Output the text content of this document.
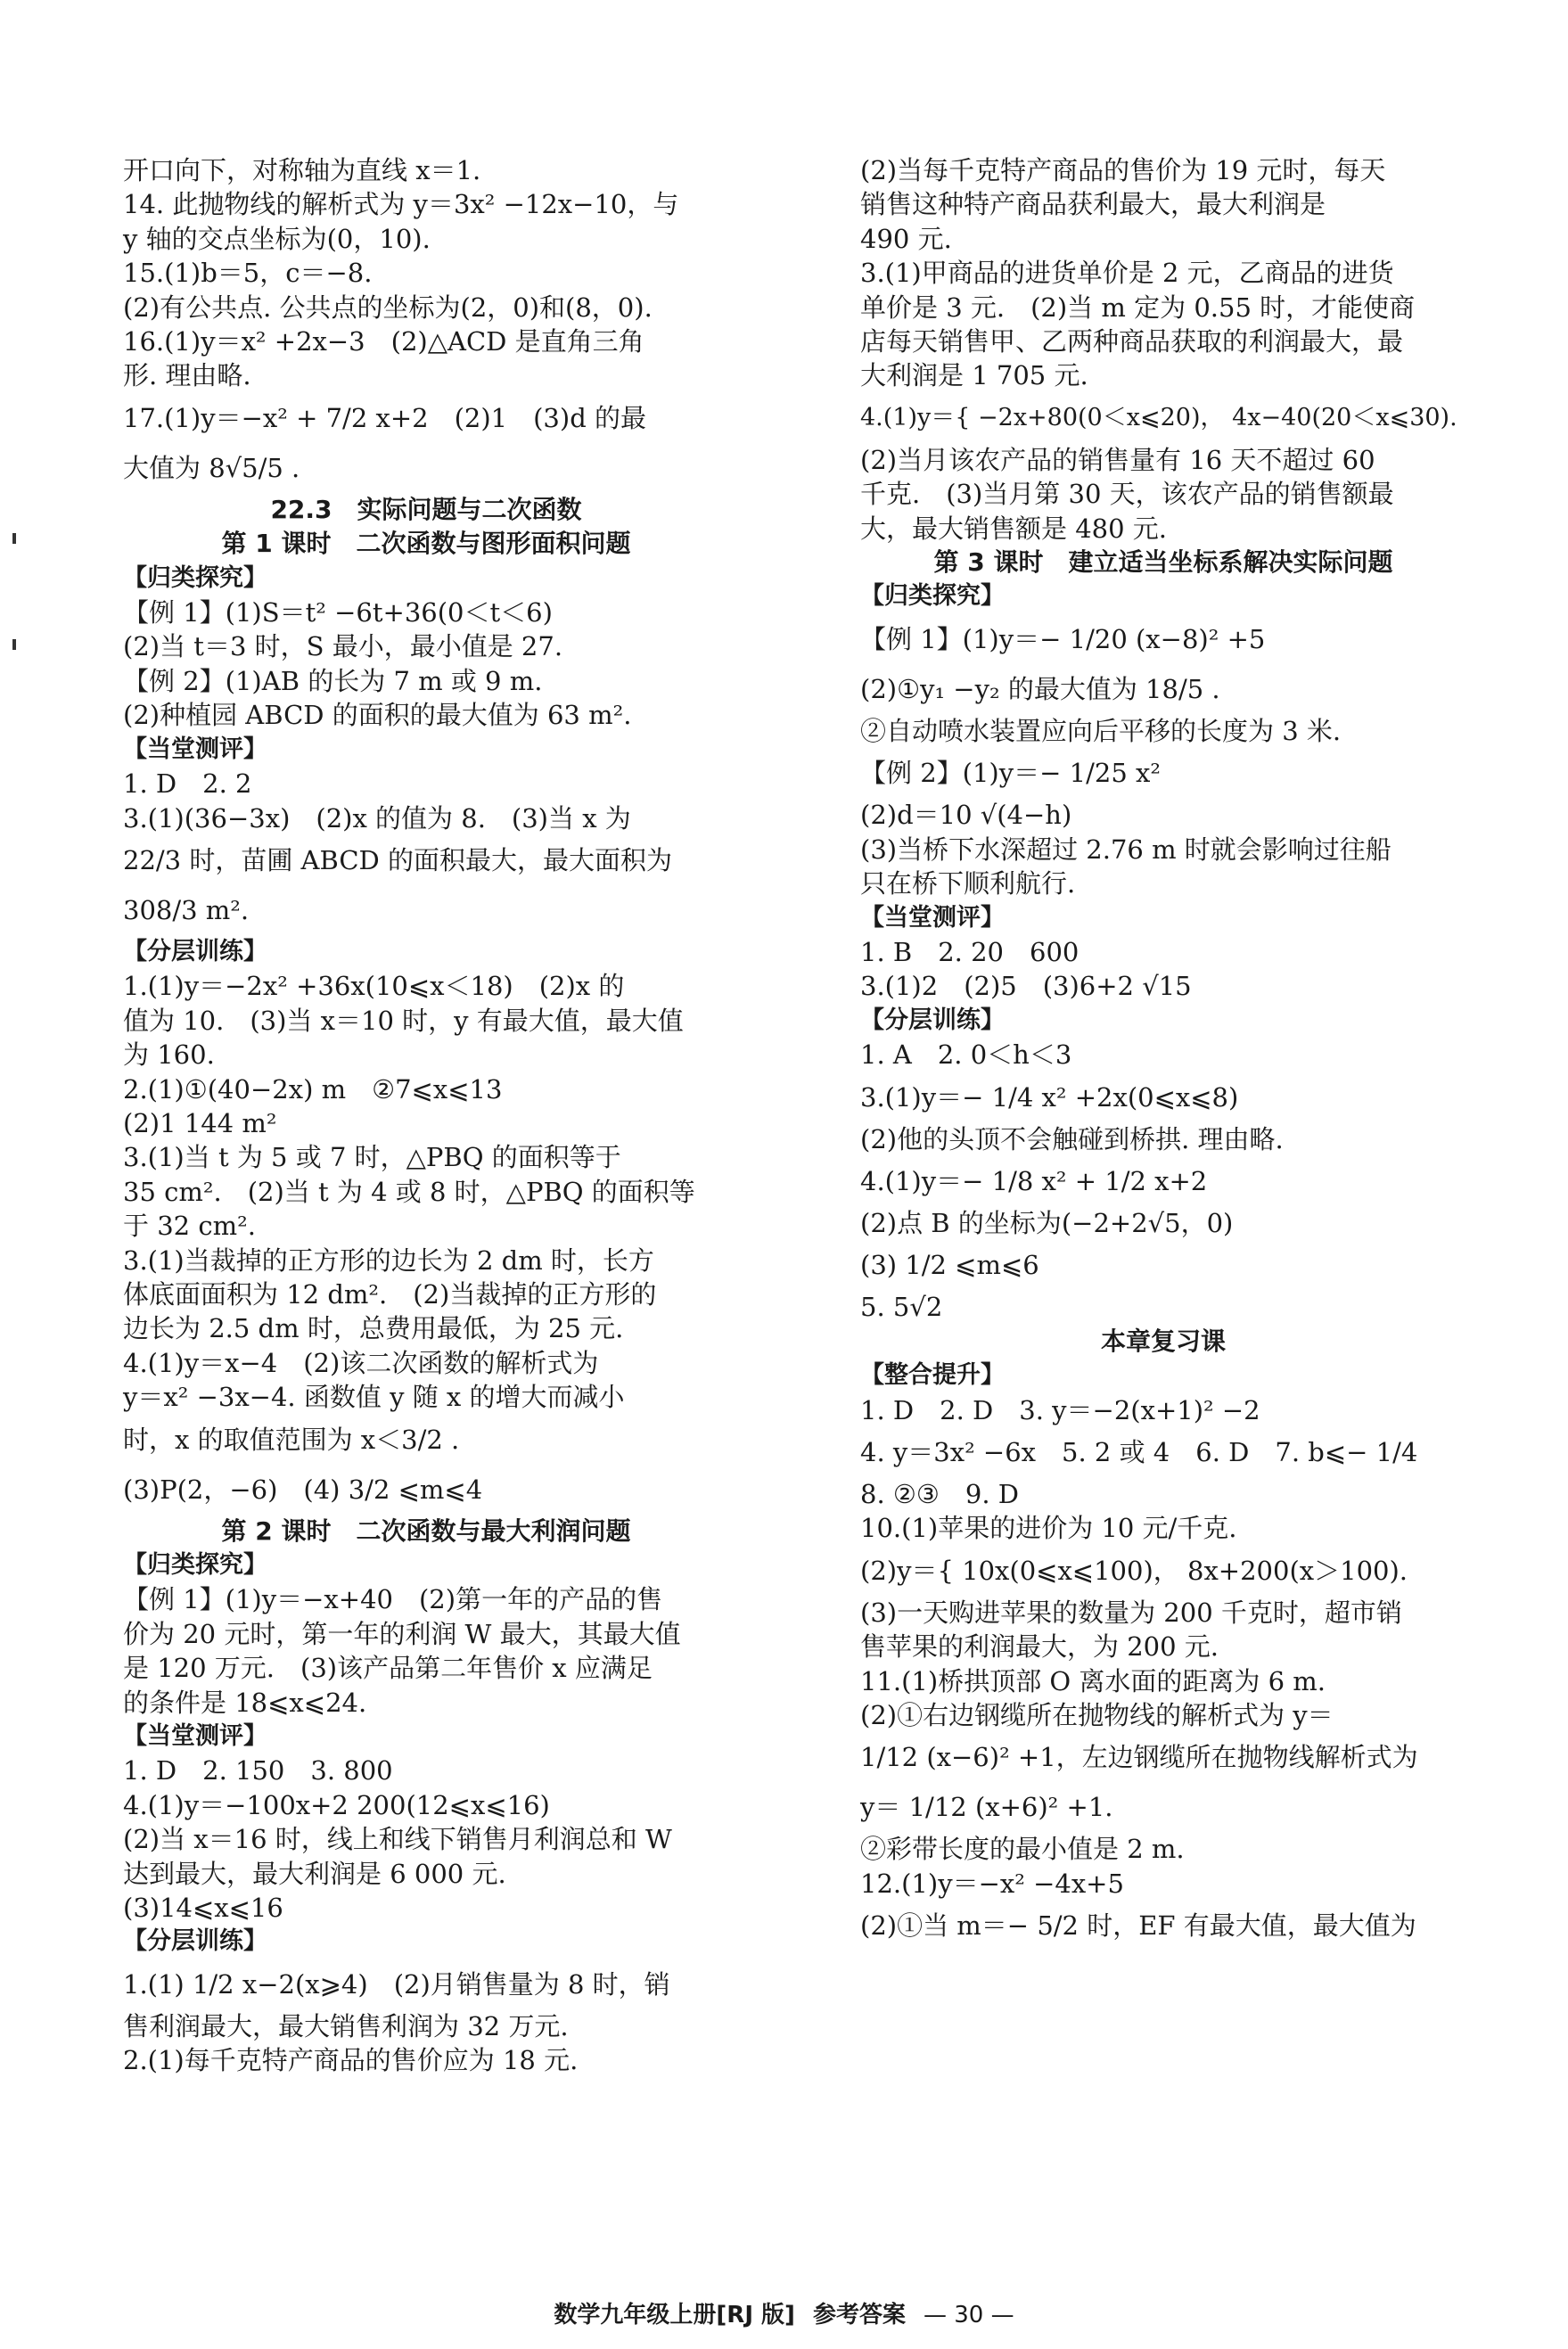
开口向下，对称轴为直线 x＝1.
14. 此抛物线的解析式为 y＝3x² −12x−10，与
y 轴的交点坐标为(0，10).
15.(1)b＝5，c＝−8.
(2)有公共点. 公共点的坐标为(2，0)和(8，0).
16.(1)y＝x² +2x−3　(2)△ACD 是直角三角
形. 理由略.
17.(1)y＝−x² + 7/2 x+2　(2)1　(3)d 的最
大值为 8√5/5 .
22.3　实际问题与二次函数
第 1 课时　二次函数与图形面积问题
【归类探究】
【例 1】(1)S＝t² −6t+36(0＜t＜6)
(2)当 t＝3 时，S 最小，最小值是 27.
【例 2】(1)AB 的长为 7 m 或 9 m.
(2)种植园 ABCD 的面积的最大值为 63 m².
【当堂测评】
1. D　2. 2
3.(1)(36−3x)　(2)x 的值为 8.　(3)当 x 为
22/3 时，苗圃 ABCD 的面积最大，最大面积为
308/3 m².
【分层训练】
1.(1)y＝−2x² +36x(10⩽x＜18)　(2)x 的
值为 10.　(3)当 x＝10 时，y 有最大值，最大值
为 160.
2.(1)①(40−2x) m　②7⩽x⩽13
(2)1 144 m²
3.(1)当 t 为 5 或 7 时，△PBQ 的面积等于
35 cm².　(2)当 t 为 4 或 8 时，△PBQ 的面积等
于 32 cm².
3.(1)当裁掉的正方形的边长为 2 dm 时，长方
体底面面积为 12 dm².　(2)当裁掉的正方形的
边长为 2.5 dm 时，总费用最低，为 25 元.
4.(1)y＝x−4　(2)该二次函数的解析式为
y＝x² −3x−4. 函数值 y 随 x 的增大而减小
时，x 的取值范围为 x＜3/2 .
(3)P(2，−6)　(4) 3/2 ⩽m⩽4
第 2 课时　二次函数与最大利润问题
【归类探究】
【例 1】(1)y＝−x+40　(2)第一年的产品的售
价为 20 元时，第一年的利润 W 最大，其最大值
是 120 万元.　(3)该产品第二年售价 x 应满足
的条件是 18⩽x⩽24.
【当堂测评】
1. D　2. 150　3. 800
4.(1)y＝−100x+2 200(12⩽x⩽16)
(2)当 x＝16 时，线上和线下销售月利润总和 W
达到最大，最大利润是 6 000 元.
(3)14⩽x⩽16
【分层训练】
1.(1) 1/2 x−2(x⩾4)　(2)月销售量为 8 时，销
售利润最大，最大销售利润为 32 万元.
2.(1)每千克特产商品的售价应为 18 元.
(2)当每千克特产商品的售价为 19 元时，每天
销售这种特产商品获利最大，最大利润是
490 元.
3.(1)甲商品的进货单价是 2 元，乙商品的进货
单价是 3 元.　(2)当 m 定为 0.55 时，才能使商
店每天销售甲、乙两种商品获取的利润最大，最
大利润是 1 705 元.
4.(1)y＝{ −2x+80(0＜x⩽20)， 4x−40(20＜x⩽30).
(2)当月该农产品的销售量有 16 天不超过 60
千克.　(3)当月第 30 天，该农产品的销售额最
大，最大销售额是 480 元.
第 3 课时　建立适当坐标系解决实际问题
【归类探究】
【例 1】(1)y＝− 1/20 (x−8)² +5
(2)①y₁ −y₂ 的最大值为 18/5 .
②自动喷水装置应向后平移的长度为 3 米.
【例 2】(1)y＝− 1/25 x²
(2)d＝10 √(4−h)
(3)当桥下水深超过 2.76 m 时就会影响过往船
只在桥下顺利航行.
【当堂测评】
1. B　2. 20　600
3.(1)2　(2)5　(3)6+2 √15
【分层训练】
1. A　2. 0＜h＜3
3.(1)y＝− 1/4 x² +2x(0⩽x⩽8)
(2)他的头顶不会触碰到桥拱. 理由略.
4.(1)y＝− 1/8 x² + 1/2 x+2
(2)点 B 的坐标为(−2+2√5，0)
(3) 1/2 ⩽m⩽6
5. 5√2
本章复习课
【整合提升】
1. D　2. D　3. y＝−2(x+1)² −2
4. y＝3x² −6x　5. 2 或 4　6. D　7. b⩽− 1/4
8. ②③　9. D
10.(1)苹果的进价为 10 元/千克.
(2)y＝{ 10x(0⩽x⩽100)， 8x+200(x＞100).
(3)一天购进苹果的数量为 200 千克时，超市销
售苹果的利润最大，为 200 元.
11.(1)桥拱顶部 O 离水面的距离为 6 m.
(2)①右边钢缆所在抛物线的解析式为 y＝
1/12 (x−6)² +1，左边钢缆所在抛物线解析式为
y＝ 1/12 (x+6)² +1.
②彩带长度的最小值是 2 m.
12.(1)y＝−x² −4x+5
(2)①当 m＝− 5/2 时，EF 有最大值，最大值为
数学九年级上册[RJ 版] 参考答案 — 30 —
